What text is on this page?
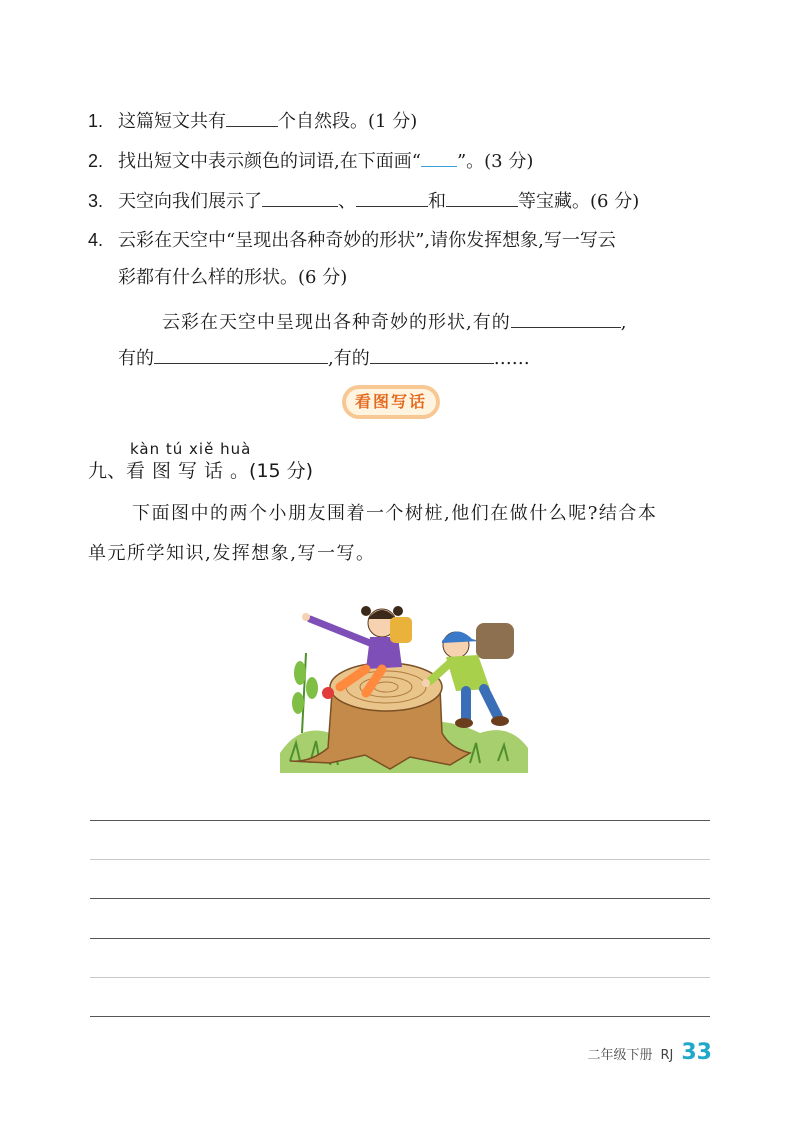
1. 这篇短文共有	个自然段。(1 分)
2. 找出短文中表示颜色的词语,在下面画“ ”。(3 分)
3. 天空向我们展示了	、	和	等宝藏。(6 分)
4. 云彩在天空中“呈现出各种奇妙的形状”,请你发挥想象,写一写云
彩都有什么样的形状。(6 分)
云彩在天空中呈现出各种奇妙的形状,有的	,
有的	,有的	……
看图写话
kàn tú xiě huà
九、看图写话。(15 分)
下面图中的两个小朋友围着一个树桩,他们在做什么呢?结合本
单元所学知识,发挥想象,写一写。
二年级下册 RJ 33
